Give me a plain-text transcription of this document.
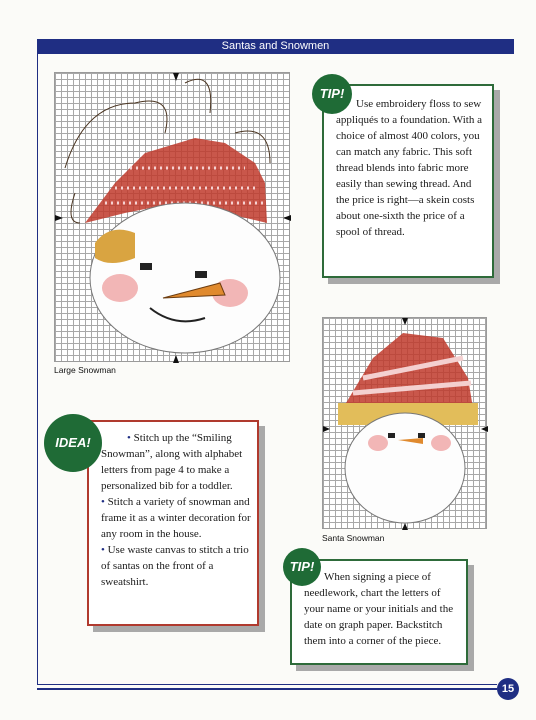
Santas and Snowmen
15
Large Snowman

Use embroidery floss to sew appliqués to a foundation. With a choice of almost 400 colors, you can match any fabric. This soft thread blends into fabric more easily than sewing thread. And the price is right—a skein costs about one-sixth the price of a spool of thread.

TIP!
Santa Snowman

• Stitch up the “Smiling Snowman”, along with alphabet letters from page 4 to make a personalized bib for a toddler.

• Stitch a variety of snowman and frame it as a winter decoration for any room in the house.

• Use waste canvas to stitch a trio of santas on the front of a sweatshirt.

IDEA!

When signing a piece of needlework, chart the letters of your name or your initials and the date on graph paper. Backstitch them into a corner of the piece.

TIP!
